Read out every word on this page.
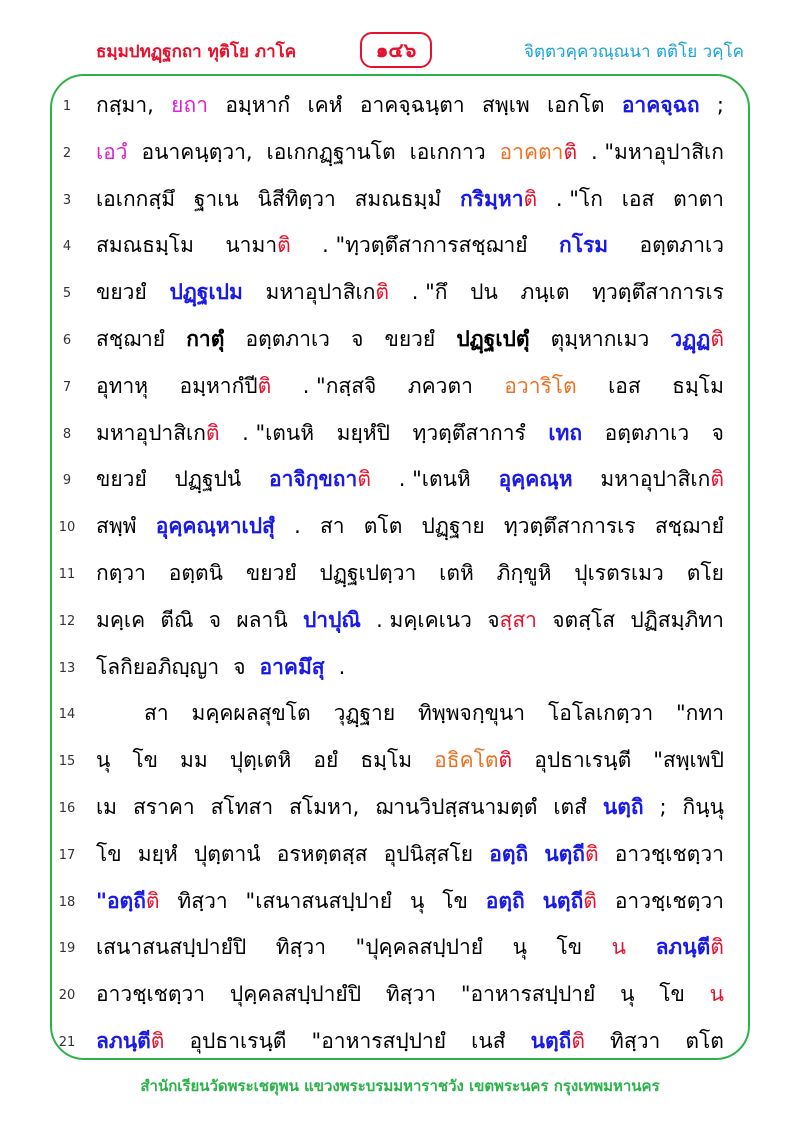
ธมฺมปทฏฺฐกถา ทุติโย ภาโค	๑๔๖	จิตฺตวคฺควณฺณนา ตติโย วคฺโค
1	กสฺมา, ยถา อมฺหากํ เคหํ อาคจฺฉนฺตา สพฺเพ เอกโต อาคจฺฉถ ;
2	เอวํ อนาคนฺตฺวา, เอเกกฏฺฐานโต เอเกกาว อาคตาติ . "มหาอุปาสิเก
3	เอเกกสฺมึ ฐาเน นิสีทิตฺวา สมณธมฺมํ กริมฺหาติ . "โก เอส ตาตา
4	สมณธมฺโม นามาติ . "ทฺวตฺตึสาการสชฺฌายํ กโรม อตฺตภาเว
5	ขยวยํ ปฏฺฐเปม มหาอุปาสิเกติ . "กึ ปน ภนฺเต ทฺวตฺตึสาการเร
6	สชฺฌายํ กาตุํ อตฺตภาเว จ ขยวยํ ปฏฺฐเปตุํ ตุมฺหากเมว วฏฺฏติ
7	อุทาหุ อมฺหากํปีติ . "กสฺสจิ ภควตา อวาริโต เอส ธมฺโม
8	มหาอุปาสิเกติ . "เตนหิ มยฺหํปิ ทฺวตฺตึสาการํ เทถ อตฺตภาเว จ
9	ขยวยํ ปฏฺฐปนํ อาจิกฺขถาติ . "เตนหิ อุคฺคณฺห มหาอุปาสิเกติ
10 สพฺพํ อุคฺคณฺหาเปสุํ . สา ตโต ปฏฺฐาย ทฺวตฺตึสาการเร สชฺฌายํ
11 กตฺวา อตฺตนิ ขยวยํ ปฏฺฐเปตฺวา เตหิ ภิกฺขูหิ ปุเรตรเมว ตโย
12 มคฺเค ตีณิ จ ผลานิ ปาปุณิ . มคฺเคเนว จสฺสา จตสฺโส ปฏิสมฺภิทา
13 โลกิยอภิญฺญา จ อาคมึสุ .
14	สา มคฺคผลสุขโต วุฏฺฐาย ทิพฺพจกฺขุนา โอโลเกตฺวา "กทา
15 นุ โข มม ปุตฺเตหิ อยํ ธมฺโม อธิคโตติ อุปธาเรนฺตี "สพฺเพปิ
16 เม สราคา สโทสา สโมหา, ฌานวิปสฺสนามตฺตํ เตสํ นตฺถิ ; กินฺนุ
17 โข มยฺหํ ปุตฺตานํ อรหตฺตสฺส อุปนิสฺสโย อตฺถิ นตฺถีติ อาวชฺเชตฺวา
18 "อตฺถีติ ทิสฺวา "เสนาสนสปฺปายํ นุ โข อตฺถิ นตฺถีติ อาวชฺเชตฺวา
19 เสนาสนสปฺปายํปิ ทิสฺวา "ปุคฺคลสปฺปายํ นุ โข น ลภนฺตีติ
20 อาวชฺเชตฺวา ปุคฺคลสปฺปายํปิ ทิสฺวา "อาหารสปฺปายํ นุ โข น
21 ลภนฺตีติ อุปธาเรนฺตี "อาหารสปฺปายํ เนสํ นตฺถีติ ทิสฺวา ตโต
สำนักเรียนวัดพระเชตุพน แขวงพระบรมมหาราชวัง เขตพระนคร กรุงเทพมหานคร
